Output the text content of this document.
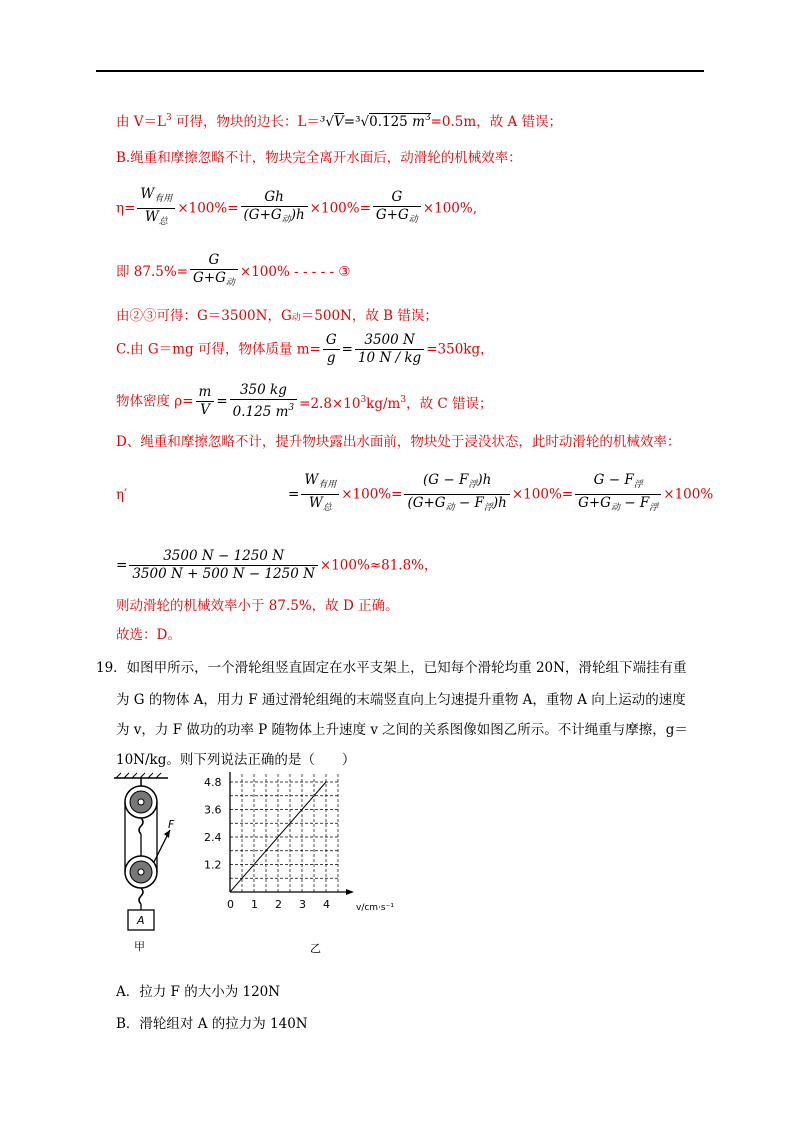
由 $V=L^3$ 可得，物块的边长：L＝³√V=³√0.125 $m^3=0.5m$，故 A 错误；
B.绳重和摩擦忽略不计，物块完全离开水面后，动滑轮的机械效率：
$\eta= \frac{W_{有用}}{W_总} \times 100\%= \frac{Gh}{(G+G_动)h} \times 100\%= \frac{G}{G+G_动} \times 100\%$,
即 $87.5\%= \frac{G}{G+G_动} \times 100\%$ - - - - - ③
由②③可得：G＝3500N，G动＝500N，故 B 错误；
C.由 G＝mg 可得，物体质量 $m= \frac{G}{g} = \frac{3500 N}{10 N / kg} =350kg$，
物体密度 $\rho= \frac{m}{V} = \frac{350 kg}{0.125 m^3} =2.8\times 10^3kg/m^3$，故 C 错误；
D、绳重和摩擦忽略不计，提升物块露出水面前，物块处于浸没状态，此时动滑轮的机械效率：
η′	= $\frac{W_{有用}}{W_总} \times 100\%= \frac{(G - F_浮)h}{(G+G_动 - F_浮)h} \times 100\%= \frac{G - F_浮}{G+G_动 - F_浮} \times 100\%$
= $\frac{3500 N - 1250 N}{3500 N + 500 N - 1250 N} \times 100\%\approx 81.8\%$，
则动滑轮的机械效率小于 87.5%，故 D 正确。
故选：D。
19．如图甲所示，一个滑轮组竖直固定在水平支架上，已知每个滑轮均重 20N，滑轮组下端挂有重
为 G 的物体 A，用力 F 通过滑轮组绳的末端竖直向上匀速提升重物 A，重物 A 向上运动的速度
为 v，力 F 做功的功率 P 随物体上升速度 v 之间的关系图像如图乙所示。不计绳重与摩擦，g＝
10N/kg。则下列说法正确的是（　　）
F
A
甲
v/cm·s⁻¹
0 1 2 3 4
1.2
2.4
3.6
4.8
乙
A．拉力 F 的大小为 120N
B．滑轮组对 A 的拉力为 140N
